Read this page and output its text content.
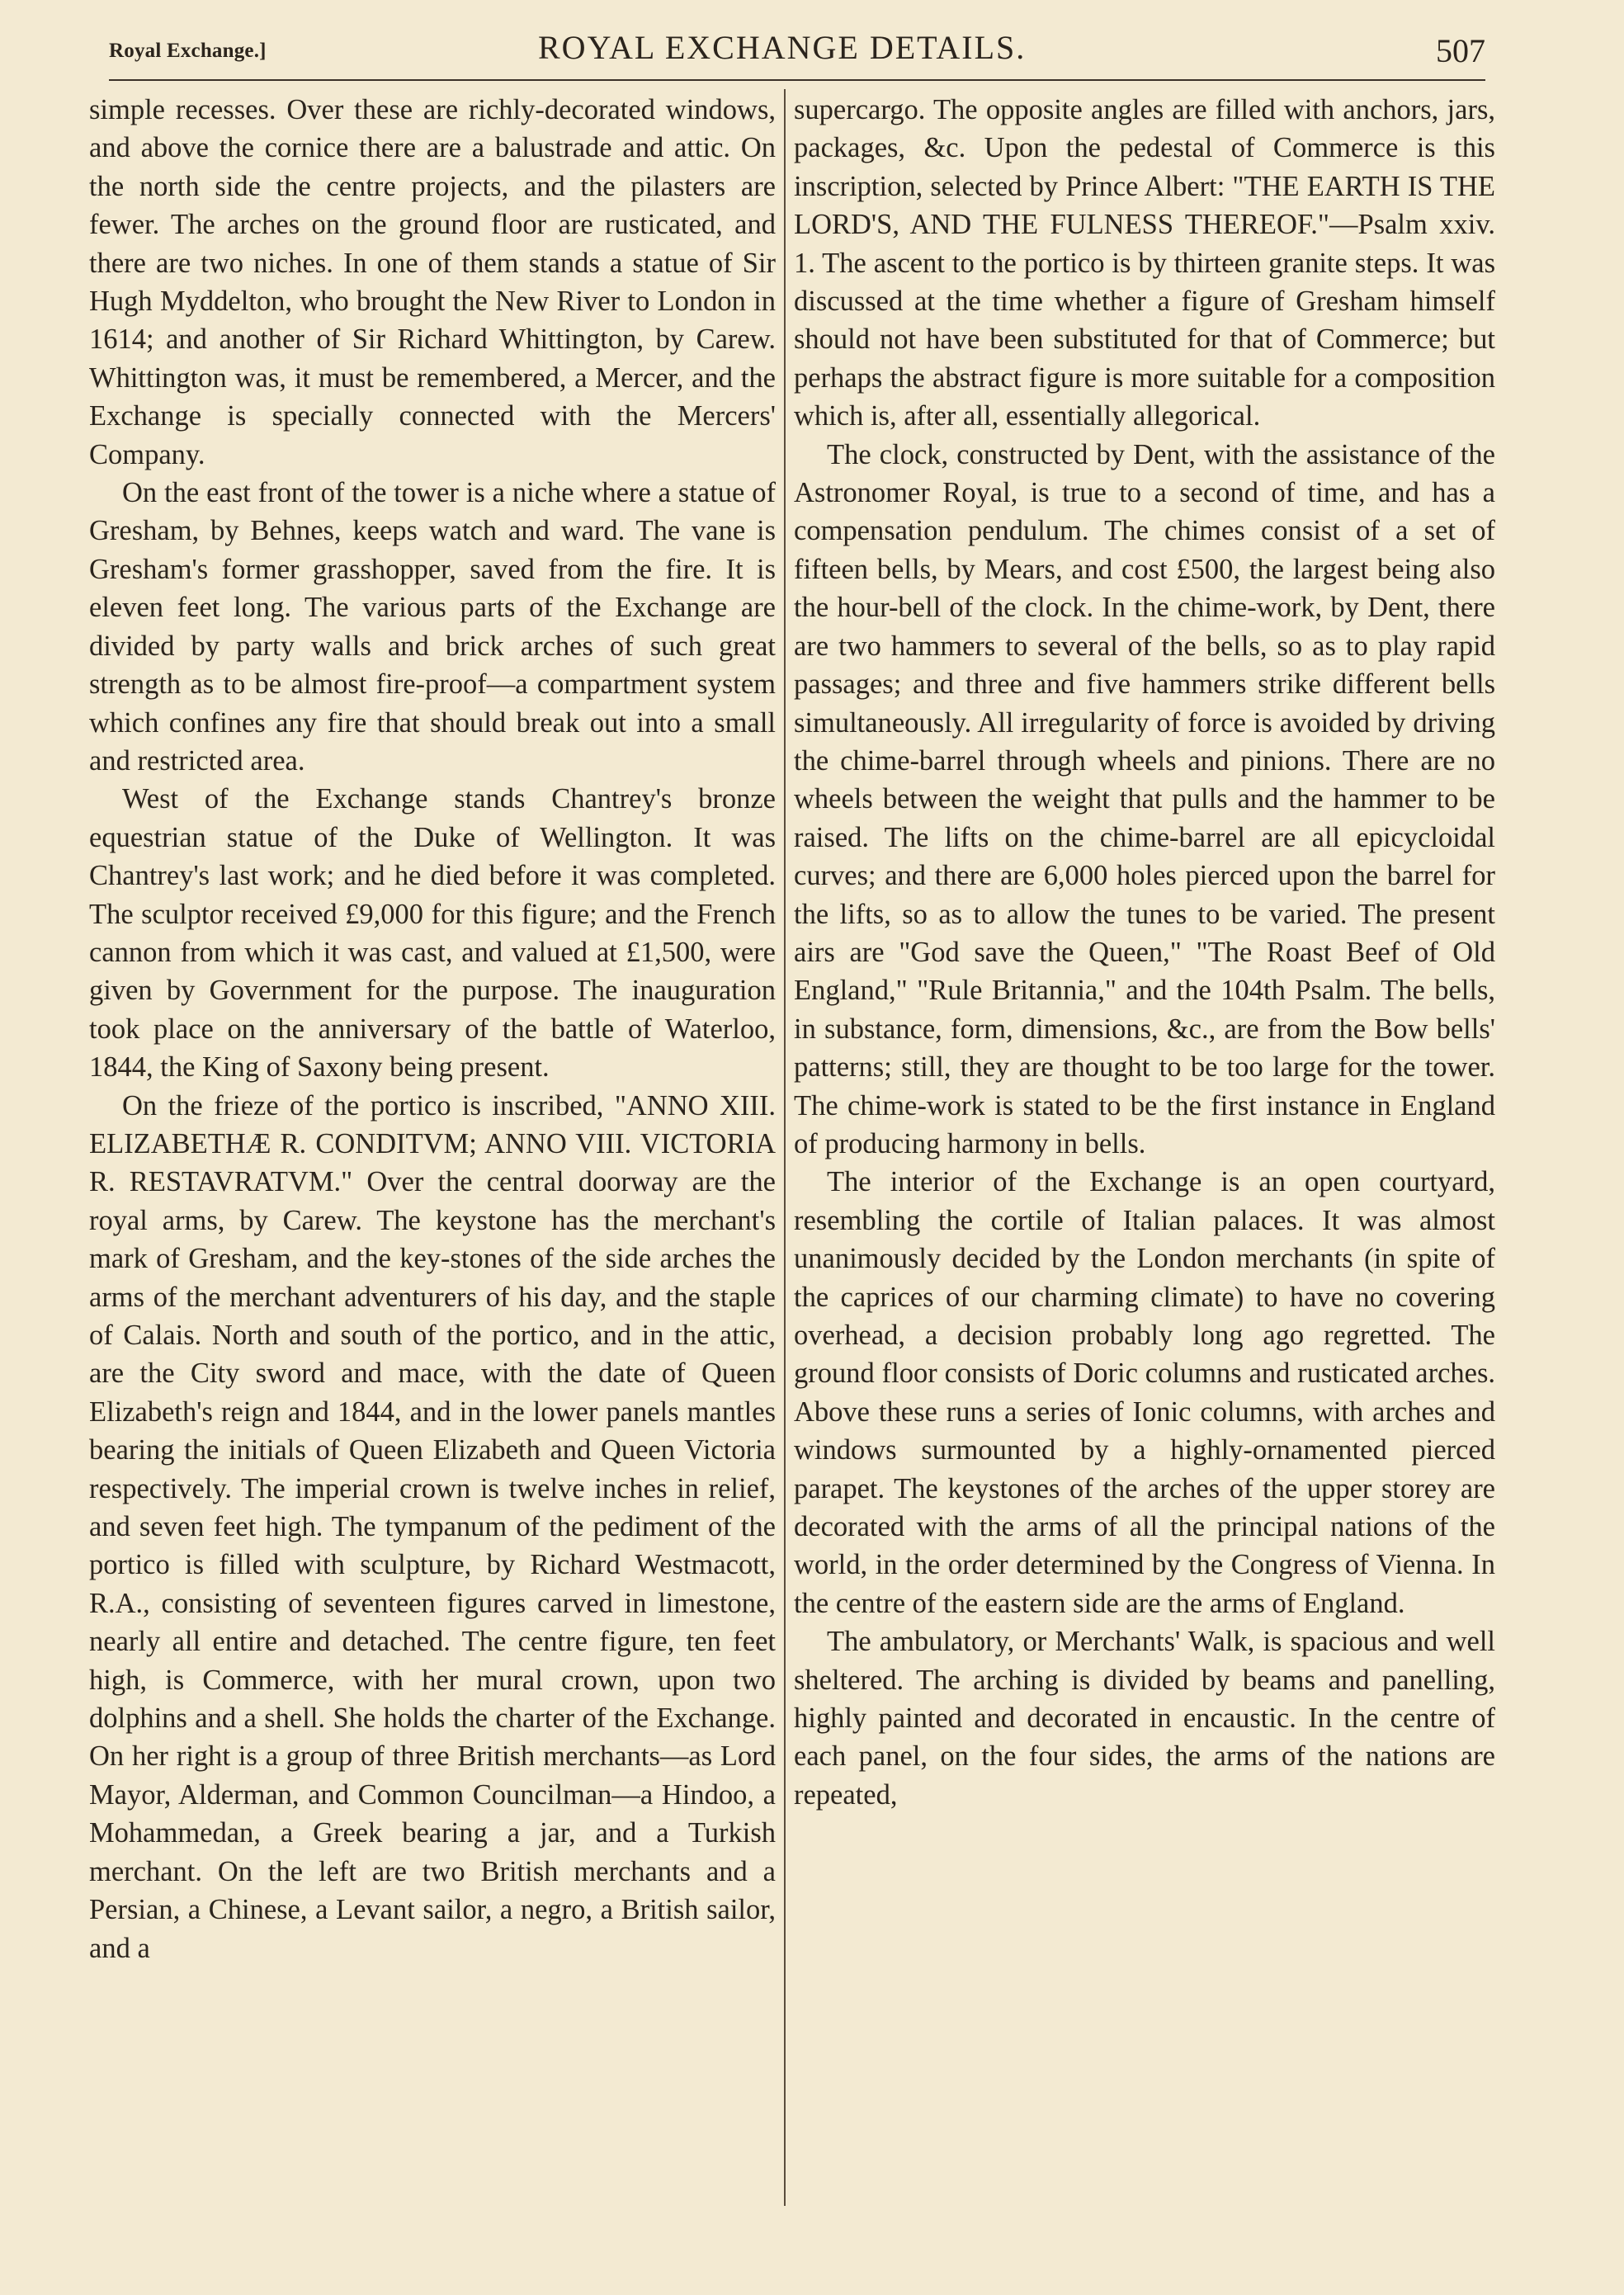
Royal Exchange.]	ROYAL EXCHANGE DETAILS.	507

simple recesses. Over these are richly-decorated windows, and above the cornice there are a balustrade and attic. On the north side the centre projects, and the pilasters are fewer. The arches on the ground floor are rusticated, and there are two niches. In one of them stands a statue of Sir Hugh Myddelton, who brought the New River to London in 1614; and another of Sir Richard Whittington, by Carew. Whittington was, it must be remembered, a Mercer, and the Exchange is specially connected with the Mercers' Company.

On the east front of the tower is a niche where a statue of Gresham, by Behnes, keeps watch and ward. The vane is Gresham's former grasshopper, saved from the fire. It is eleven feet long. The various parts of the Exchange are divided by party walls and brick arches of such great strength as to be almost fire-proof—a compartment system which confines any fire that should break out into a small and restricted area.

West of the Exchange stands Chantrey's bronze equestrian statue of the Duke of Wellington. It was Chantrey's last work; and he died before it was completed. The sculptor received £9,000 for this figure; and the French cannon from which it was cast, and valued at £1,500, were given by Government for the purpose. The inauguration took place on the anniversary of the battle of Waterloo, 1844, the King of Saxony being present.

On the frieze of the portico is inscribed, "ANNO XIII. ELIZABETHÆ R. CONDITVM; ANNO VIII. VICTORIA R. RESTAVRATVM." Over the central doorway are the royal arms, by Carew. The keystone has the merchant's mark of Gresham, and the key-stones of the side arches the arms of the merchant adventurers of his day, and the staple of Calais. North and south of the portico, and in the attic, are the City sword and mace, with the date of Queen Elizabeth's reign and 1844, and in the lower panels mantles bearing the initials of Queen Elizabeth and Queen Victoria respectively. The imperial crown is twelve inches in relief, and seven feet high. The tympanum of the pediment of the portico is filled with sculpture, by Richard Westmacott, R.A., consisting of seventeen figures carved in limestone, nearly all entire and detached. The centre figure, ten feet high, is Commerce, with her mural crown, upon two dolphins and a shell. She holds the charter of the Exchange. On her right is a group of three British merchants—as Lord Mayor, Alderman, and Common Councilman—a Hindoo, a Mohammedan, a Greek bearing a jar, and a Turkish merchant. On the left are two British merchants and a Persian, a Chinese, a Levant sailor, a negro, a British sailor, and a

supercargo. The opposite angles are filled with anchors, jars, packages, &c. Upon the pedestal of Commerce is this inscription, selected by Prince Albert: "THE EARTH IS THE LORD'S, AND THE FULNESS THEREOF."—Psalm xxiv. 1. The ascent to the portico is by thirteen granite steps. It was discussed at the time whether a figure of Gresham himself should not have been substituted for that of Commerce; but perhaps the abstract figure is more suitable for a composition which is, after all, essentially allegorical.

The clock, constructed by Dent, with the assistance of the Astronomer Royal, is true to a second of time, and has a compensation pendulum. The chimes consist of a set of fifteen bells, by Mears, and cost £500, the largest being also the hour-bell of the clock. In the chime-work, by Dent, there are two hammers to several of the bells, so as to play rapid passages; and three and five hammers strike different bells simultaneously. All irregularity of force is avoided by driving the chime-barrel through wheels and pinions. There are no wheels between the weight that pulls and the hammer to be raised. The lifts on the chime-barrel are all epicycloidal curves; and there are 6,000 holes pierced upon the barrel for the lifts, so as to allow the tunes to be varied. The present airs are "God save the Queen," "The Roast Beef of Old England," "Rule Britannia," and the 104th Psalm. The bells, in substance, form, dimensions, &c., are from the Bow bells' patterns; still, they are thought to be too large for the tower. The chime-work is stated to be the first instance in England of producing harmony in bells.

The interior of the Exchange is an open courtyard, resembling the cortile of Italian palaces. It was almost unanimously decided by the London merchants (in spite of the caprices of our charming climate) to have no covering overhead, a decision probably long ago regretted. The ground floor consists of Doric columns and rusticated arches. Above these runs a series of Ionic columns, with arches and windows surmounted by a highly-ornamented pierced parapet. The keystones of the arches of the upper storey are decorated with the arms of all the principal nations of the world, in the order determined by the Congress of Vienna. In the centre of the eastern side are the arms of England.

The ambulatory, or Merchants' Walk, is spacious and well sheltered. The arching is divided by beams and panelling, highly painted and decorated in encaustic. In the centre of each panel, on the four sides, the arms of the nations are repeated,
